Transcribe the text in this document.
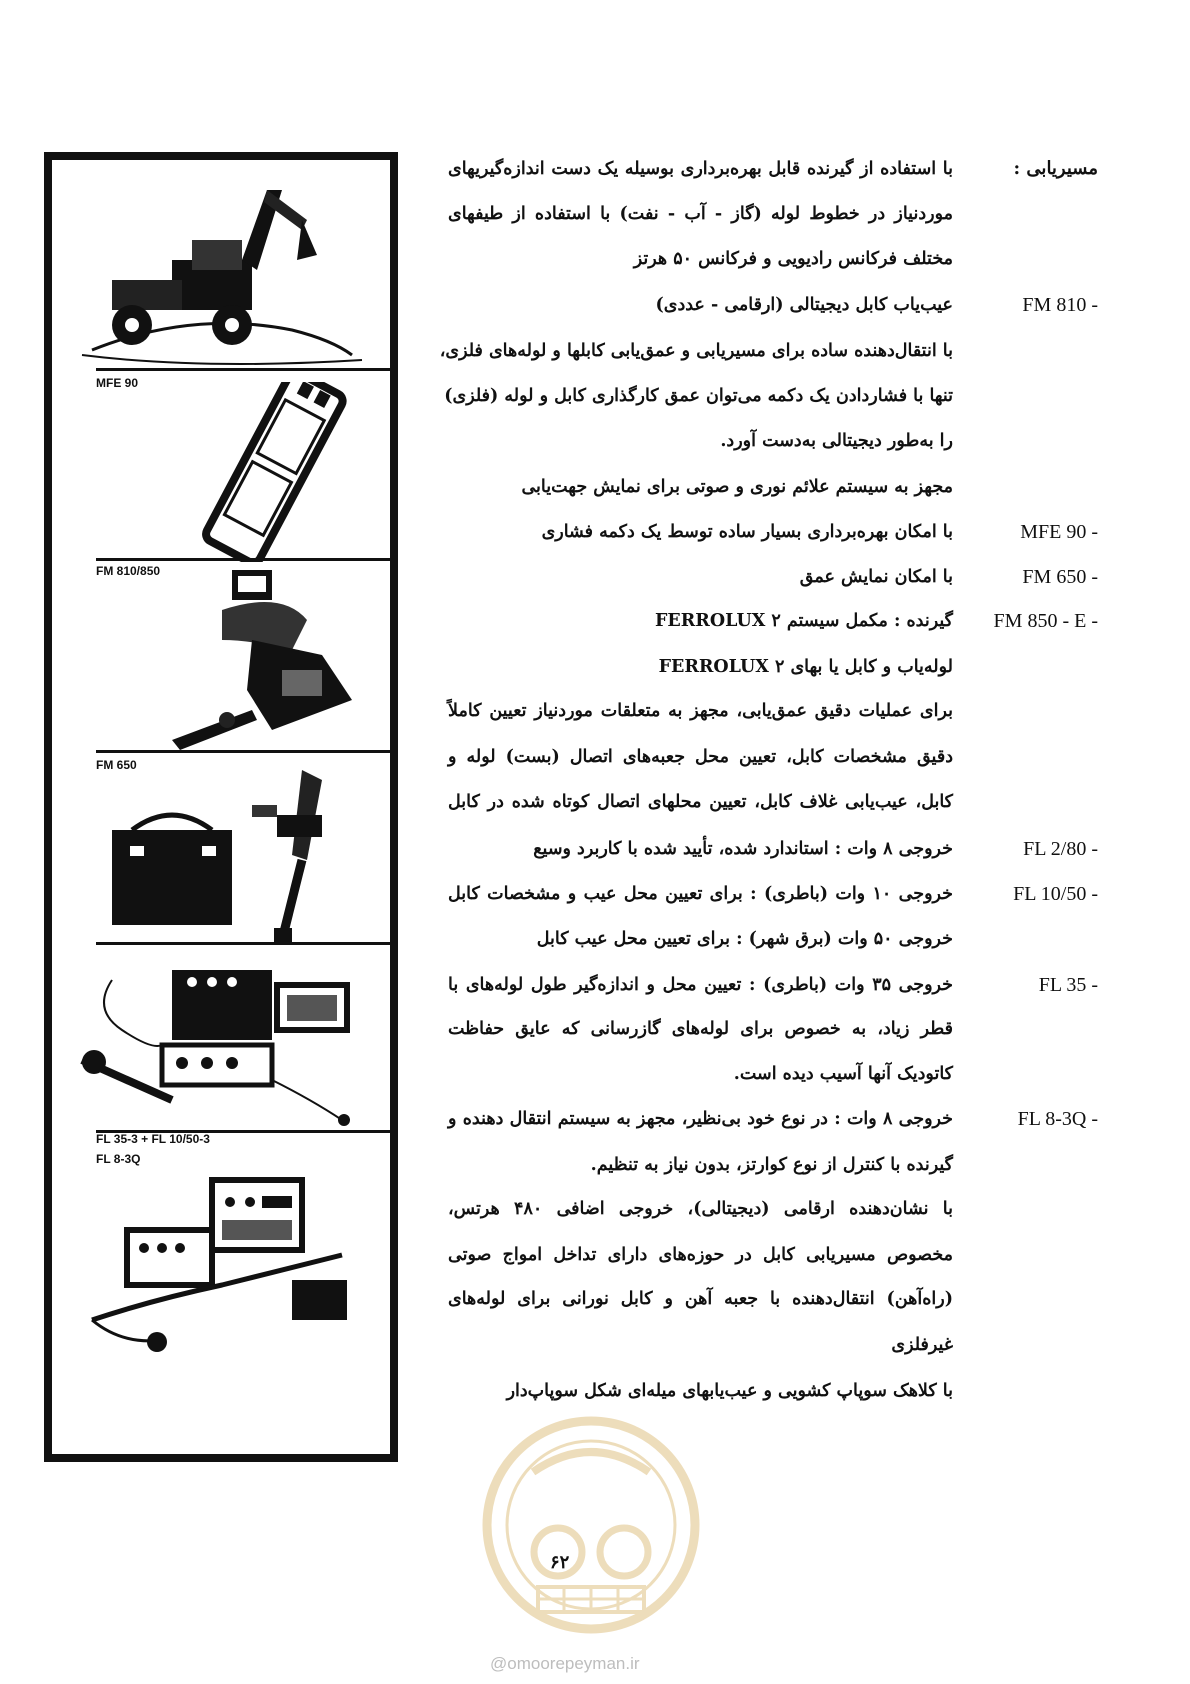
MFE 90
FM 810/850
FM 650
FL 35-3 + FL 10/50-3
FL 8-3Q
مسیریابی :
با استفاده از گیرنده قابل بهره‌برداری بوسیله یک دست اندازه‌گیریهای
موردنیاز در خطوط لوله (گاز - آب - نفت) با استفاده از طیفهای
مختلف فرکانس رادیویی و فرکانس ۵۰ هرتز
FM 810 -
عیب‌یاب کابل دیجیتالی (ارقامی - عددی)
با انتقال‌دهنده ساده برای مسیریابی و عمق‌یابی کابلها و لوله‌های فلزی،
تنها با فشاردادن یک دکمه می‌توان عمق کارگذاری کابل و لوله (فلزی)
را به‌طور دیجیتالی به‌دست آورد.
مجهز به سیستم علائم نوری و صوتی برای نمایش جهت‌یابی
MFE 90 -
با امکان بهره‌برداری بسیار ساده توسط یک دکمه فشاری
FM 650 -
با امکان نمایش عمق
FM 850 - E -
گیرنده : مکمل سیستم ۲ FERROLUX
لوله‌یاب و کابل یا بهای ۲ FERROLUX
برای عملیات دقیق عمق‌یابی، مجهز به متعلقات موردنیاز تعیین کاملاً
دقیق مشخصات کابل، تعیین محل جعبه‌های اتصال (بست) لوله و
کابل، عیب‌یابی غلاف کابل، تعیین محلهای اتصال کوتاه شده در کابل
FL 2/80 -
خروجی ۸ وات : استاندارد شده، تأیید شده با کاربرد وسیع
FL 10/50 -
خروجی ۱۰ وات (باطری) : برای تعیین محل عیب و مشخصات کابل
خروجی ۵۰ وات (برق شهر) : برای تعیین محل عیب کابل
FL 35 -
خروجی ۳۵ وات (باطری) : تعیین محل و اندازه‌گیر طول لوله‌های با
قطر زیاد، به خصوص برای لوله‌های گازرسانی که عایق حفاظت
کاتودیک آنها آسیب دیده است.
FL 8-3Q -
خروجی ۸ وات : در نوع خود بی‌نظیر، مجهز به سیستم انتقال دهنده و
گیرنده با کنترل از نوع کوارتز، بدون نیاز به تنظیم.
با نشان‌دهنده ارقامی (دیجیتالی)، خروجی اضافی ۴۸۰ هرتس،
مخصوص مسیریابی کابل در حوزه‌های دارای تداخل امواج صوتی
(راه‌آهن) انتقال‌دهنده با جعبه آهن و کابل نورانی برای لوله‌های
غیرفلزی
با کلاهک سوپاپ کشویی و عیب‌یابهای میله‌ای شکل سوپاپ‌دار
۶۲
@omoorepeyman.ir
